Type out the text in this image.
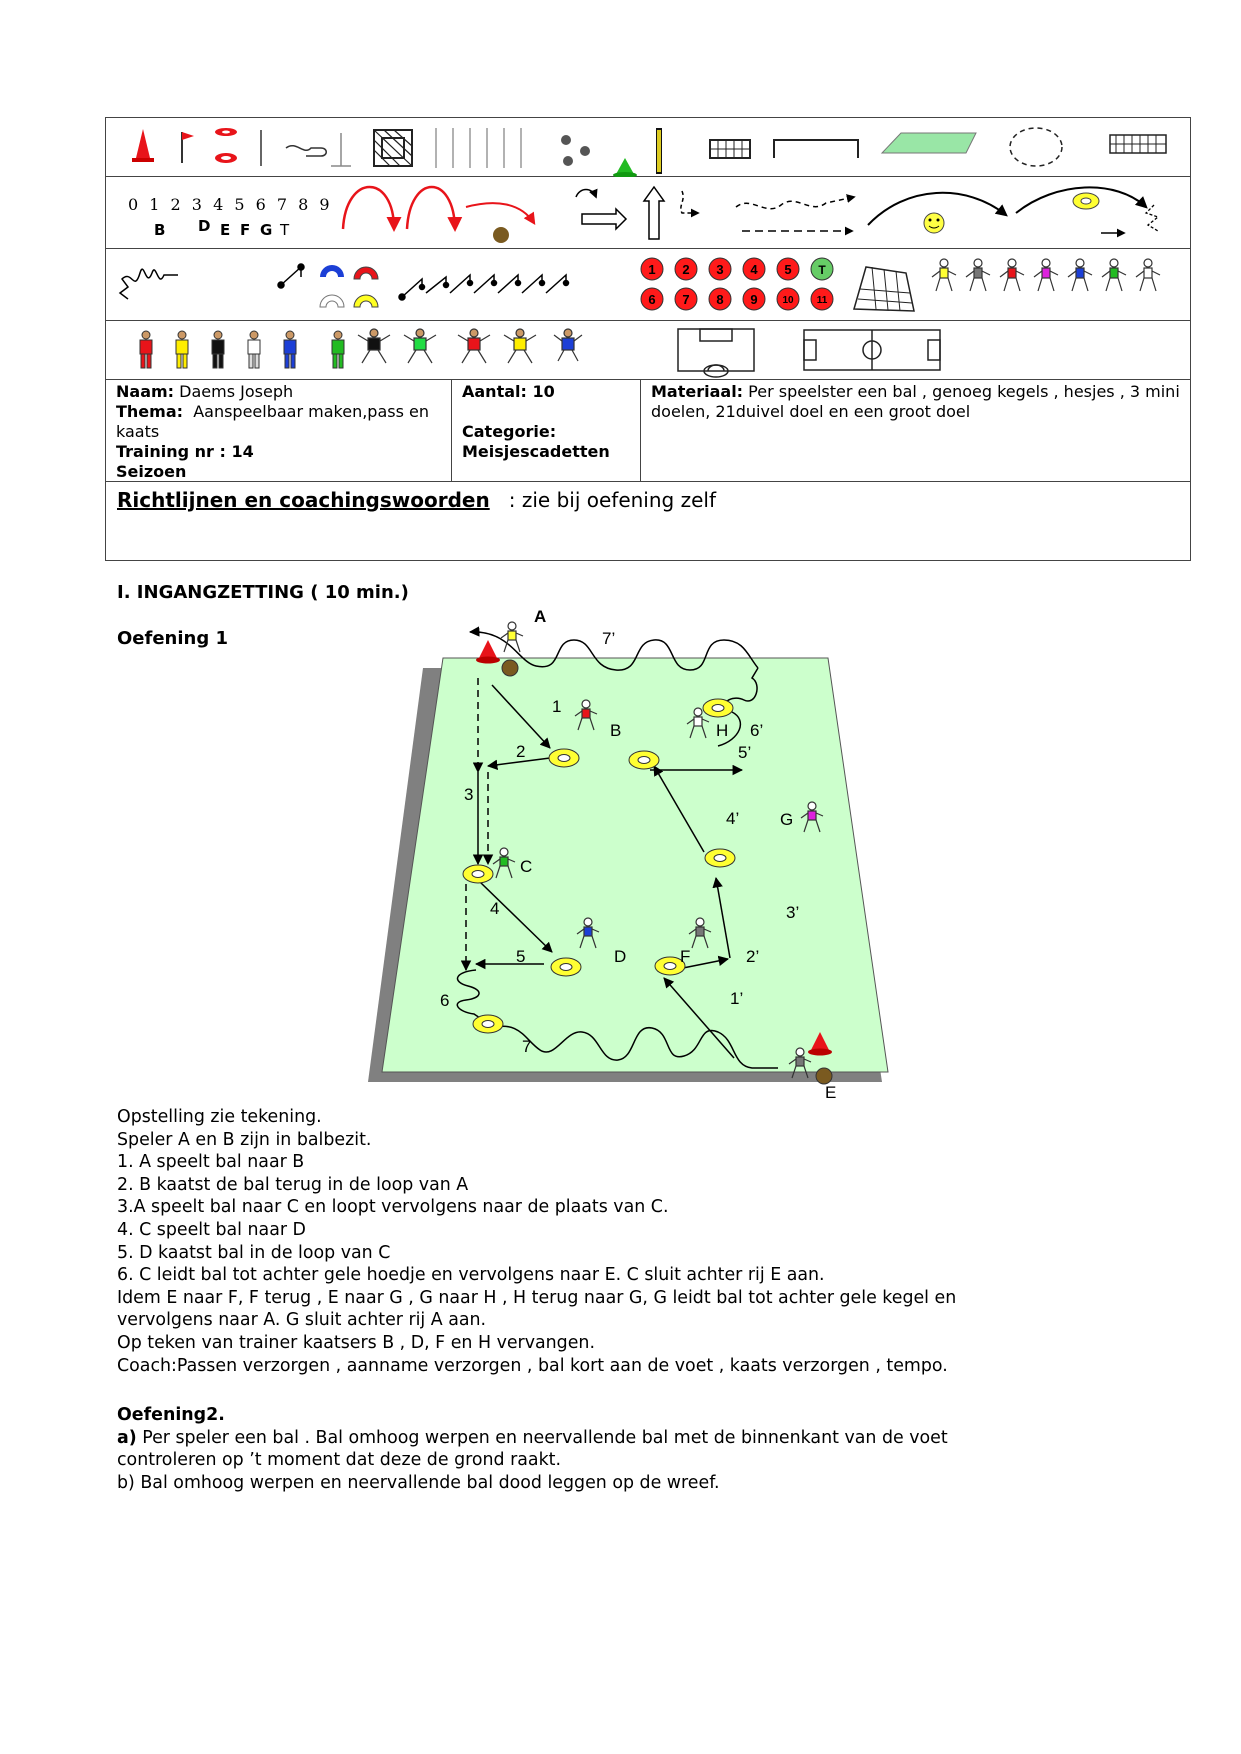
0 1 2 3 4 5 6 7 8 9
B D E F G T
1 2 3 4 5 T
6 7 8 9 10 11
Naam: Daems Joseph
Thema: Aanspeelbaar maken,pass en kaats
Training nr : 14
Seizoen
Aantal: 10

Categorie:
Meisjescadetten
Materiaal: Per speelster een bal , genoeg kegels , hesjes , 3 mini doelen, 21duivel doel en een groot doel
Richtlijnen en coachingswoorden : zie bij oefening zelf
I. INGANGZETTING ( 10 min.)
Oefening 1
A
B
C
D
E
F
G
H
1
2
3
4
5
6
7
1’
2’
3’
4’
5’
6’
7’
Opstelling zie tekening.
Speler A en B zijn in balbezit.
1. A speelt bal naar B
2. B kaatst de bal terug in de loop van A
3.A speelt bal naar C en loopt vervolgens naar de plaats van C.
4. C speelt bal naar D
5. D kaatst bal in de loop van C
6. C leidt bal tot achter gele hoedje en vervolgens naar E. C sluit achter rij E aan.
Idem E naar F, F terug , E naar G , G naar H , H terug naar G, G leidt bal tot achter gele kegel en
vervolgens naar A. G sluit achter rij A aan.
Op teken van trainer kaatsers B , D, F en H vervangen.
Coach:Passen verzorgen , aanname verzorgen , bal kort aan de voet , kaats verzorgen , tempo.
Oefening2.
a) Per speler een bal . Bal omhoog werpen en neervallende bal met de binnenkant van de voet
controleren op ’t moment dat deze de grond raakt.
b) Bal omhoog werpen en neervallende bal dood leggen op de wreef.
